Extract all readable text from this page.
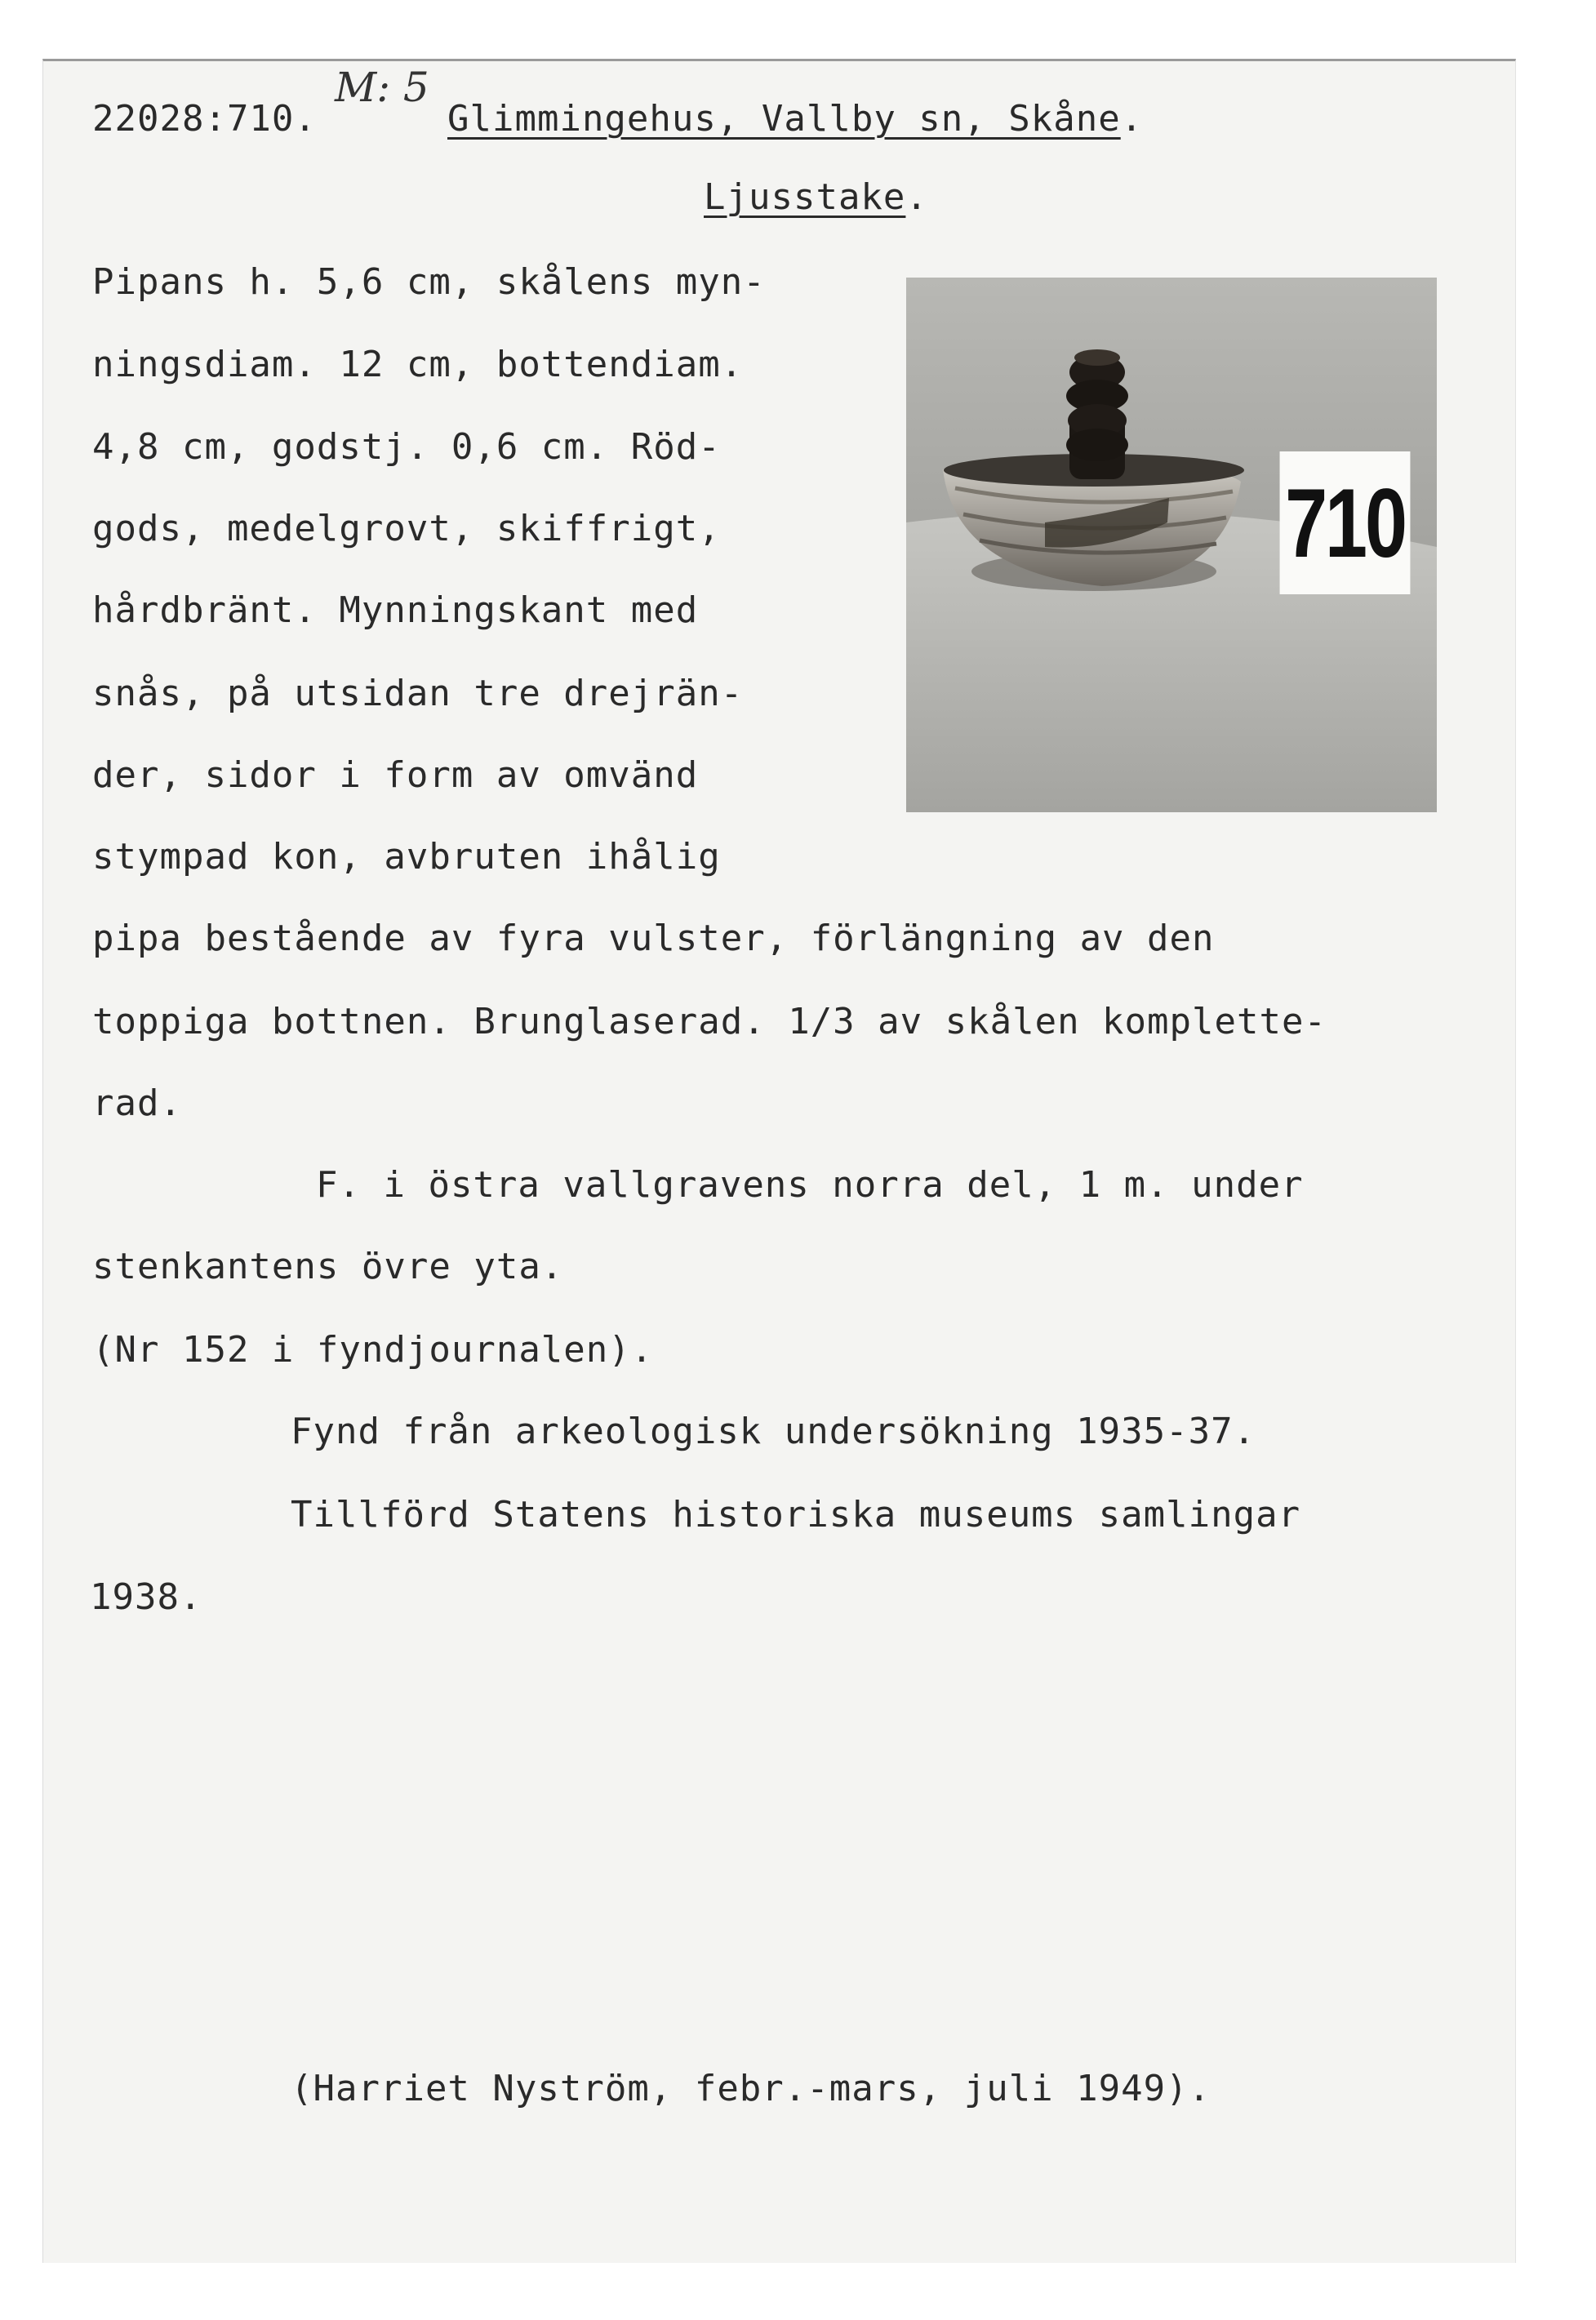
22028:710.
M: 5
Glimmingehus, Vallby sn, Skåne.
Ljusstake.
710
Pipans h. 5,6 cm, skålens myn-
ningsdiam. 12 cm, bottendiam.
4,8 cm, godstj. 0,6 cm. Röd-
gods, medelgrovt, skiffrigt,
hårdbränt. Mynningskant med
snås, på utsidan tre drejrän-
der, sidor i form av omvänd
stympad kon, avbruten ihålig
pipa bestående av fyra vulster, förlängning av den
toppiga bottnen. Brunglaserad. 1/3 av skålen komplette-
rad.
F. i östra vallgravens norra del, 1 m. under
stenkantens övre yta.
(Nr 152 i fyndjournalen).
Fynd från arkeologisk undersökning 1935-37.
Tillförd Statens historiska museums samlingar
1938.
(Harriet Nyström, febr.-mars, juli 1949).
